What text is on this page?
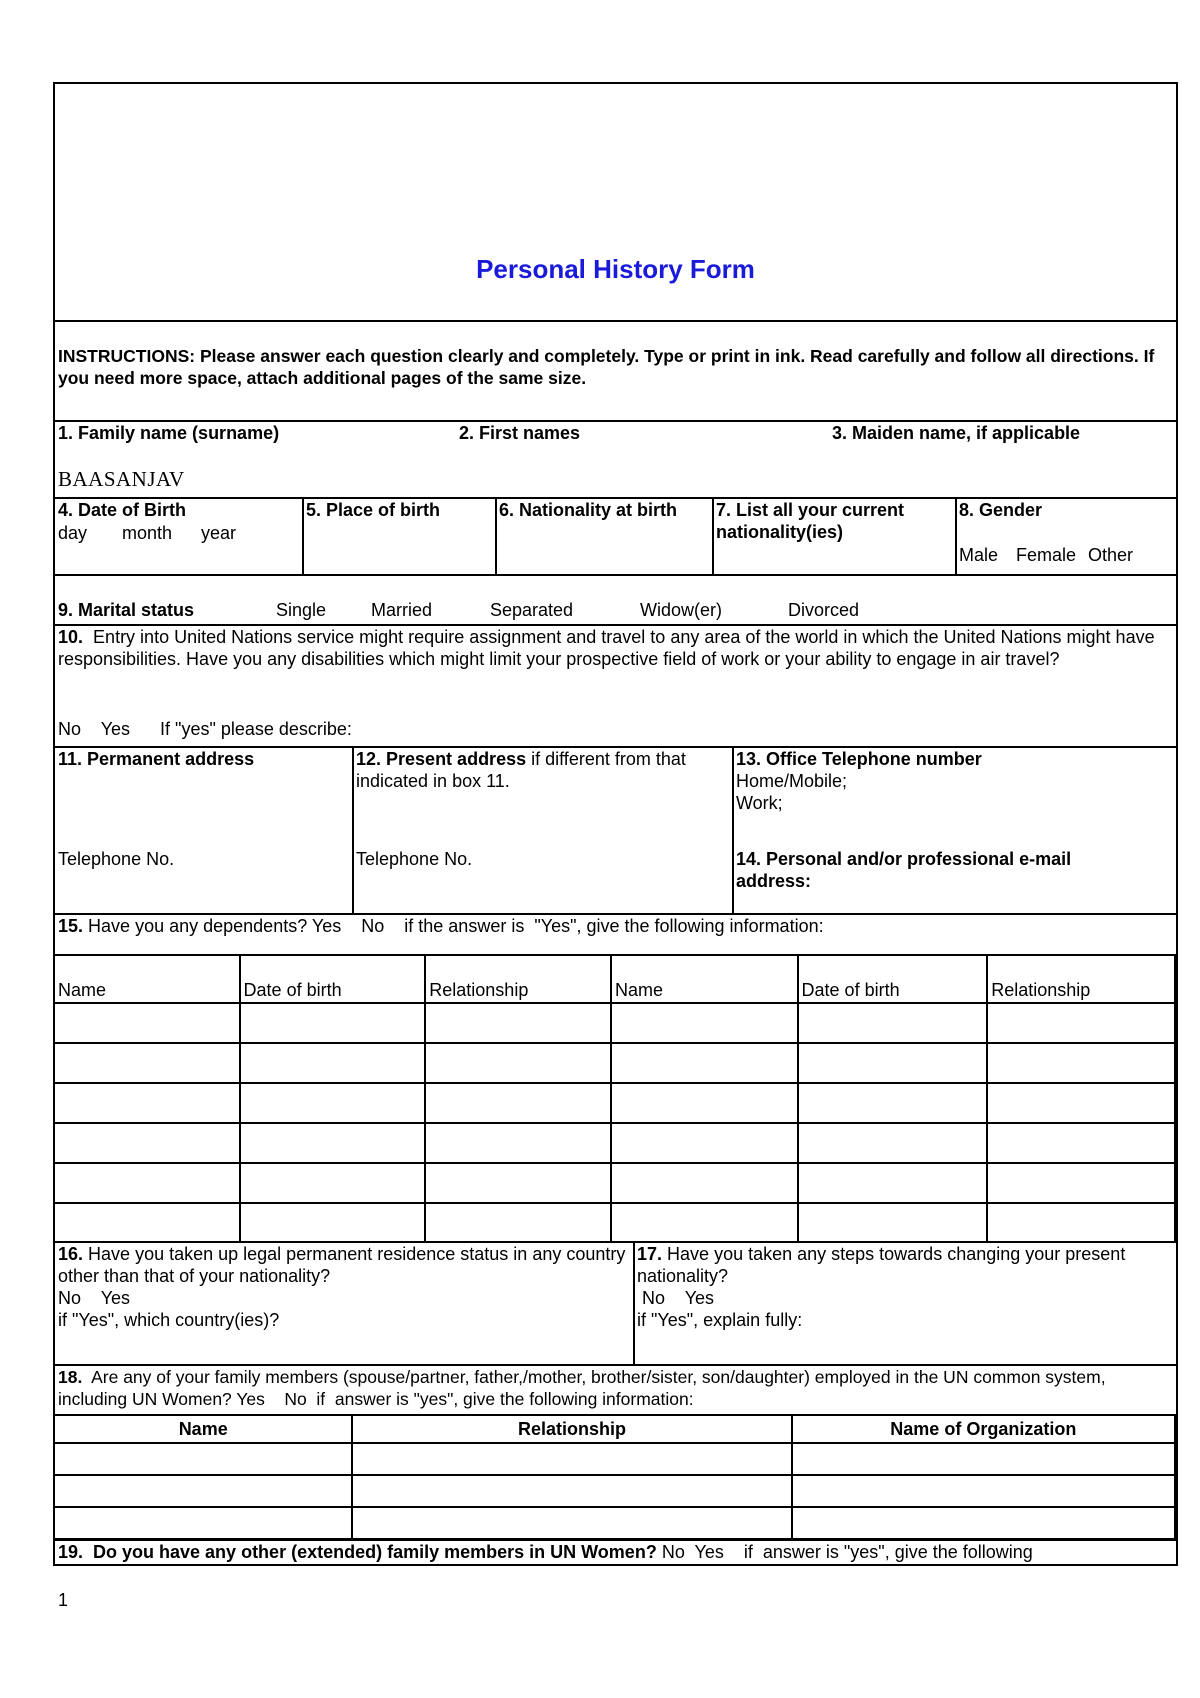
Personal History Form
INSTRUCTIONS: Please answer each question clearly and completely. Type or print in ink. Read carefully and follow all directions. If you need more space, attach additional pages of the same size.
1. Family name (surname)	2. First names	3. Maiden name, if applicable
BAASANJAV
4. Date of Birth
day month year
5. Place of birth	6. Nationality at birth 7. List all your current nationality(ies)
8. Gender
Male Female Other
9. Marital status	Single Married	Separated	Widow(er)	Divorced
10. Entry into United Nations service might require assignment and travel to any area of the world in which the United Nations might have responsibilities. Have you any disabilities which might limit your prospective field of work or your ability to engage in air travel?
No    Yes      If "yes" please describe:
11. Permanent address
Telephone No.
12. Present address if different from that indicated in box 11.
Telephone No.
13. Office Telephone number
Home/Mobile;
Work;
14. Personal and/or professional e-mail address:
15. Have you any dependents? Yes    No    if the answer is  "Yes", give the following information:
Name	Date of birth	Relationship	Name	Date of birth	Relationship

16. Have you taken up legal permanent residence status in any country other than that of your nationality?
No    Yes
if "Yes", which country(ies)?
17. Have you taken any steps towards changing your present nationality?
No    Yes
if "Yes", explain fully:
18. Are any of your family members (spouse/partner, father,/mother, brother/sister, son/daughter) employed in the UN common system, including UN Women? Yes    No  if  answer is "yes", give the following information:
Name	Relationship	Name of Organization

19.  Do you have any other (extended) family members in UN Women? No  Yes    if  answer is "yes", give the following
1
